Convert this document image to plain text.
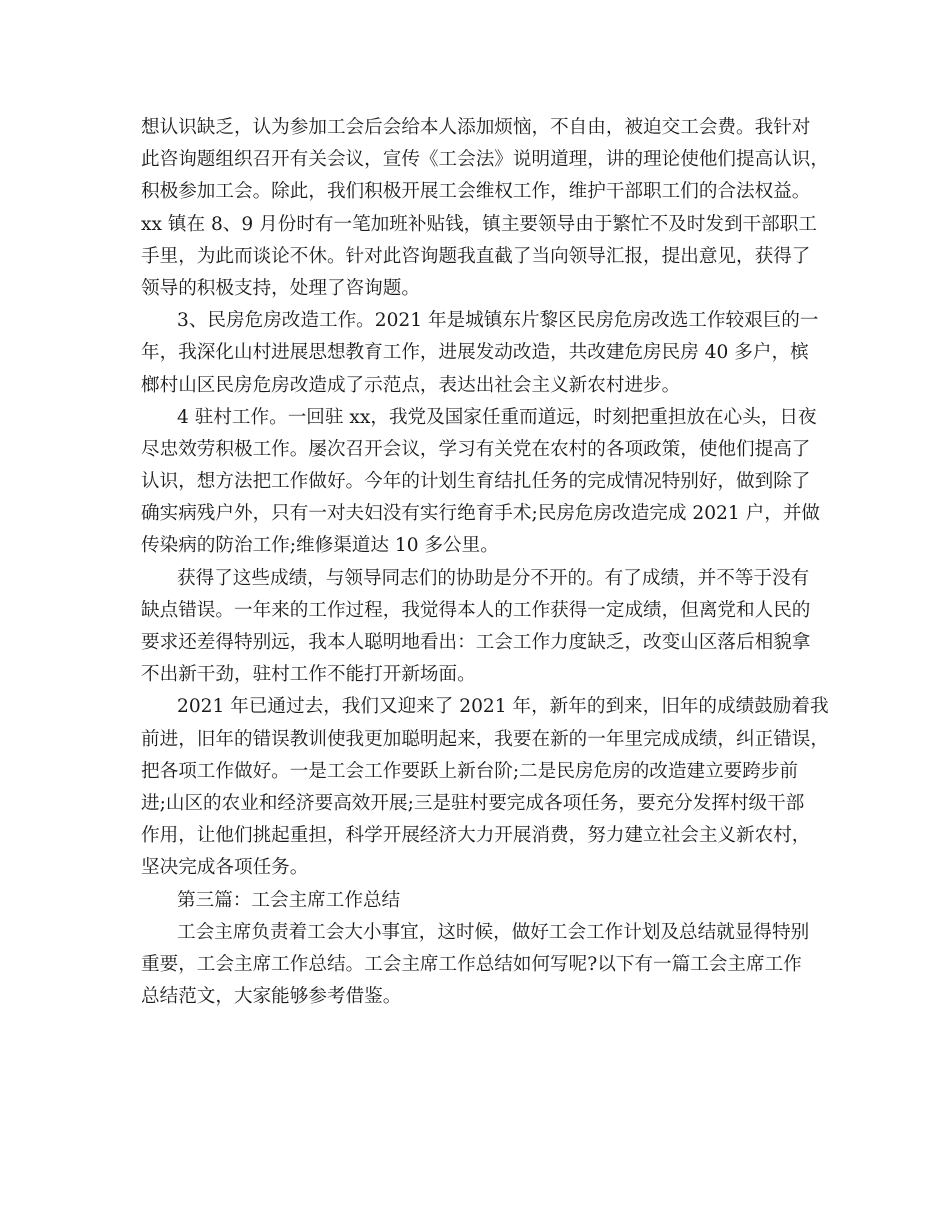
想认识缺乏，认为参加工会后会给本人添加烦恼，不自由，被迫交工会费。我针对
此咨询题组织召开有关会议，宣传《工会法》说明道理，讲的理论使他们提高认识，
积极参加工会。除此，我们积极开展工会维权工作，维护干部职工们的合法权益。
xx 镇在 8、9 月份时有一笔加班补贴钱，镇主要领导由于繁忙不及时发到干部职工
手里，为此而谈论不休。针对此咨询题我直截了当向领导汇报，提出意见，获得了
领导的积极支持，处理了咨询题。
3、民房危房改造工作。2021 年是城镇东片黎区民房危房改选工作较艰巨的一
年，我深化山村进展思想教育工作，进展发动改造，共改建危房民房 40 多户，槟
榔村山区民房危房改造成了示范点，表达出社会主义新农村进步。
4 驻村工作。一回驻 xx，我党及国家任重而道远，时刻把重担放在心头，日夜
尽忠效劳积极工作。屡次召开会议，学习有关党在农村的各项政策，使他们提高了
认识，想方法把工作做好。今年的计划生育结扎任务的完成情况特别好，做到除了
确实病残户外，只有一对夫妇没有实行绝育手术;民房危房改造完成 2021 户，并做
传染病的防治工作;维修渠道达 10 多公里。
获得了这些成绩，与领导同志们的协助是分不开的。有了成绩，并不等于没有
缺点错误。一年来的工作过程，我觉得本人的工作获得一定成绩，但离党和人民的
要求还差得特别远，我本人聪明地看出：工会工作力度缺乏，改变山区落后相貌拿
不出新干劲，驻村工作不能打开新场面。
2021 年已通过去，我们又迎来了 2021 年，新年的到来，旧年的成绩鼓励着我
前进，旧年的错误教训使我更加聪明起来，我要在新的一年里完成成绩，纠正错误，
把各项工作做好。一是工会工作要跃上新台阶;二是民房危房的改造建立要跨步前
进;山区的农业和经济要高效开展;三是驻村要完成各项任务，要充分发挥村级干部
作用，让他们挑起重担，科学开展经济大力开展消费，努力建立社会主义新农村，
坚决完成各项任务。
第三篇：工会主席工作总结
工会主席负责着工会大小事宜，这时候，做好工会工作计划及总结就显得特别
重要，工会主席工作总结。工会主席工作总结如何写呢?以下有一篇工会主席工作
总结范文，大家能够参考借鉴。
